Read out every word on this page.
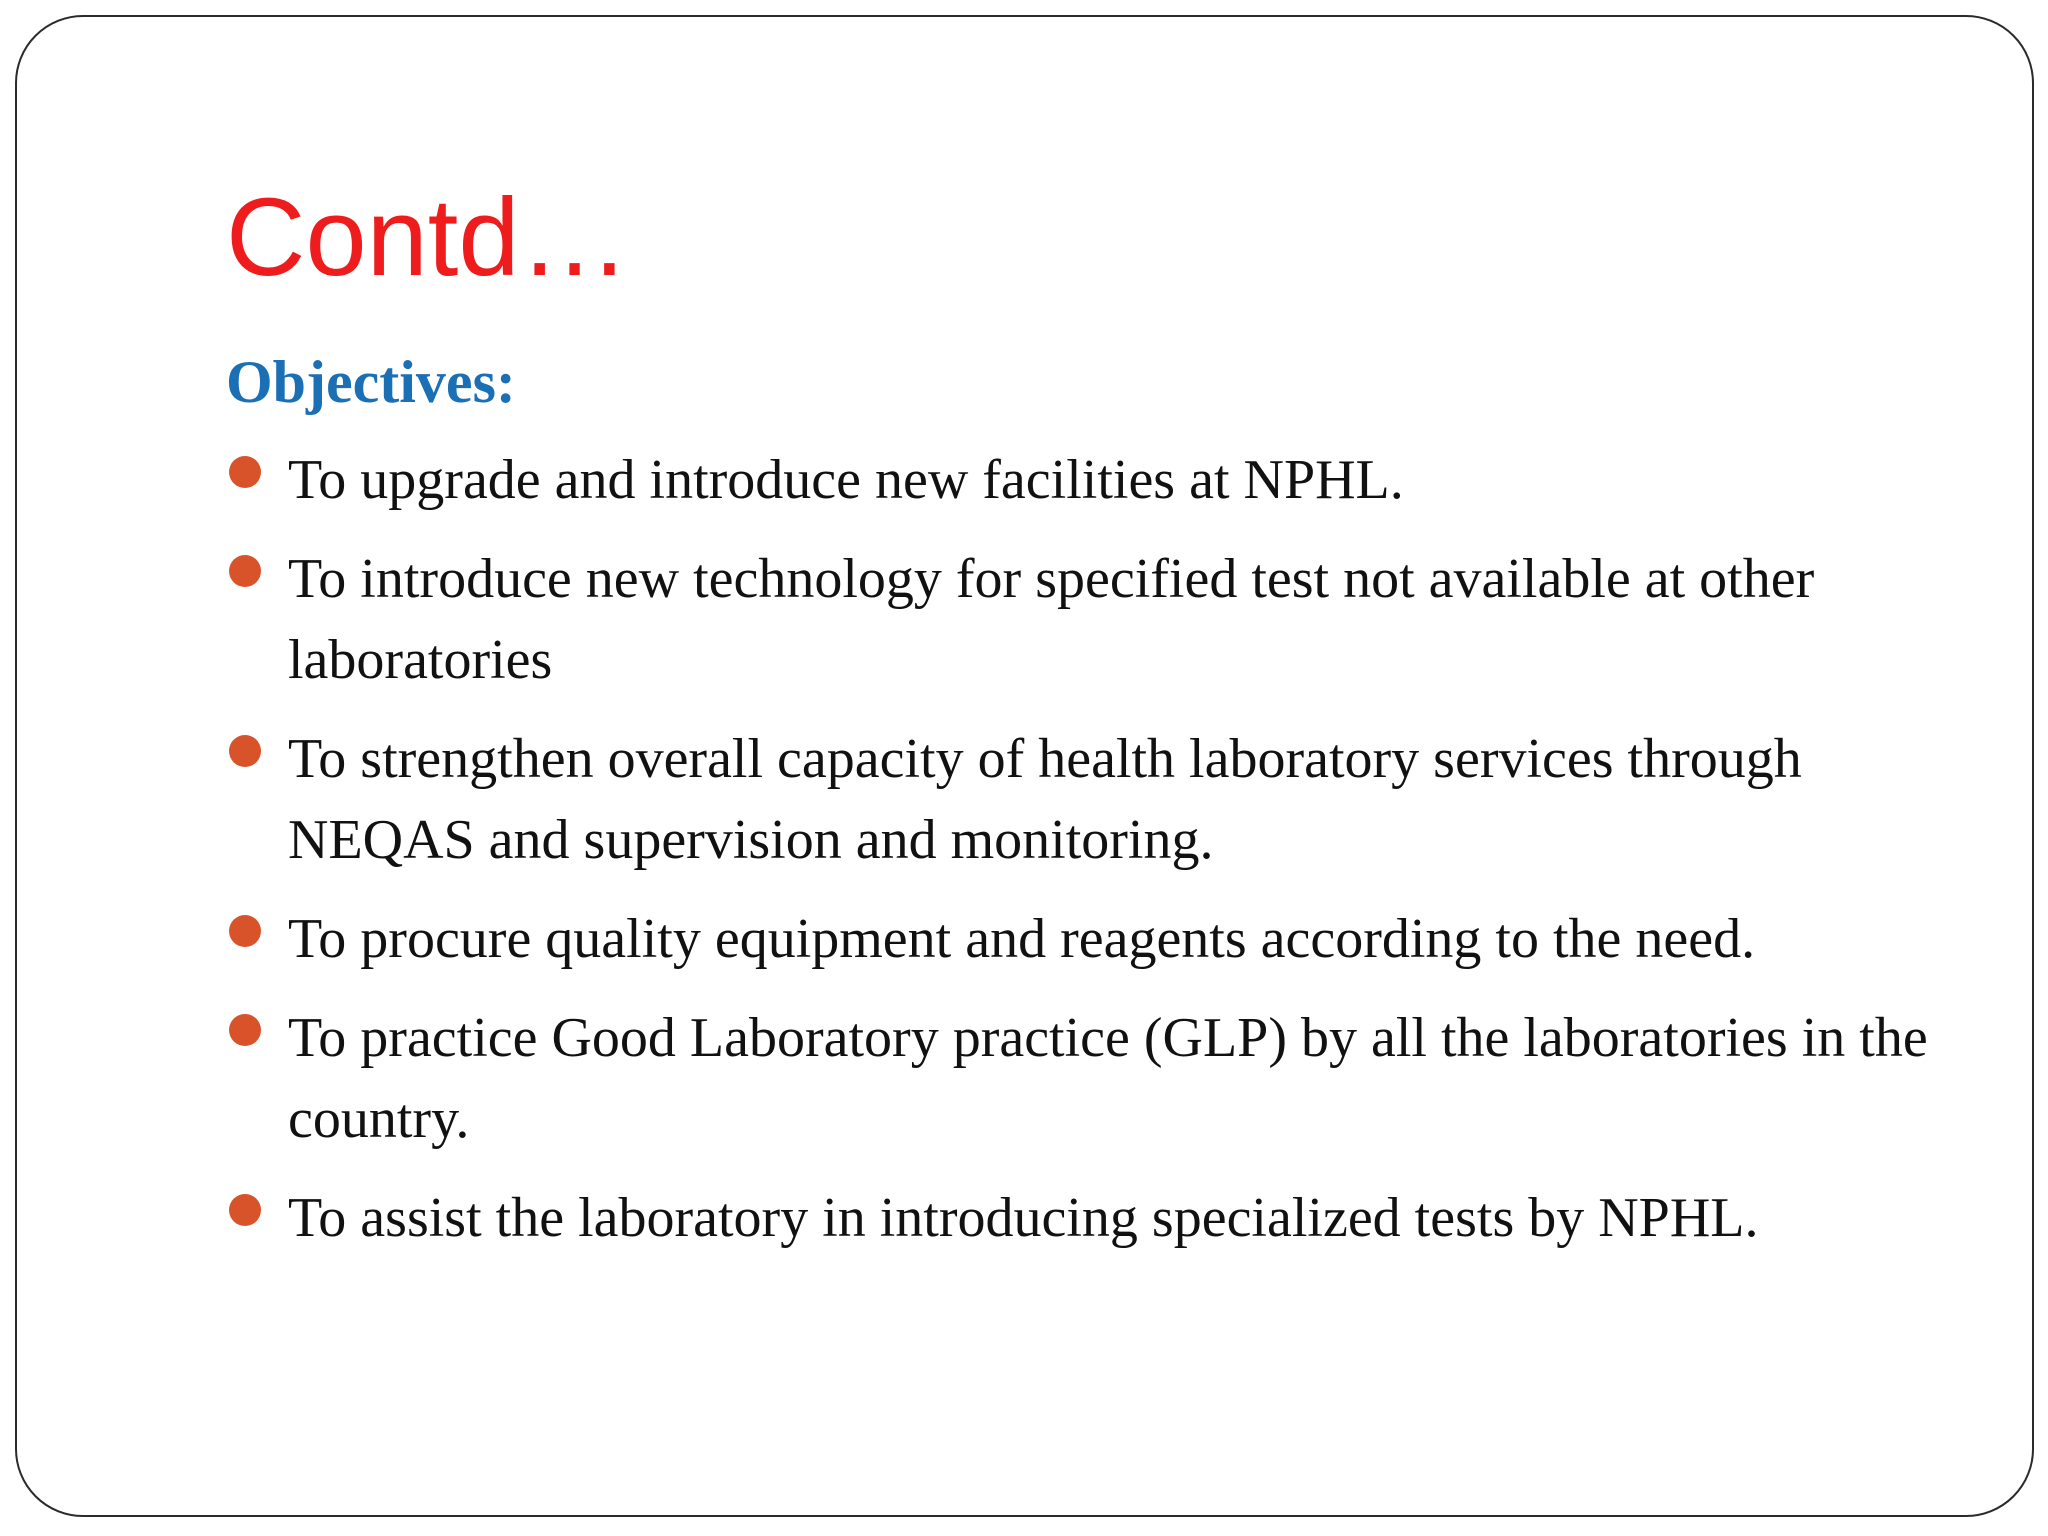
Contd…
Objectives:
To upgrade and introduce new facilities at NPHL.
To introduce new technology for specified test not available at other laboratories
To strengthen overall capacity of health laboratory services through NEQAS and supervision and monitoring.
To procure quality equipment and reagents according to the need.
To practice Good Laboratory practice (GLP) by all the laboratories in the country.
To assist the laboratory in introducing specialized tests by NPHL.
